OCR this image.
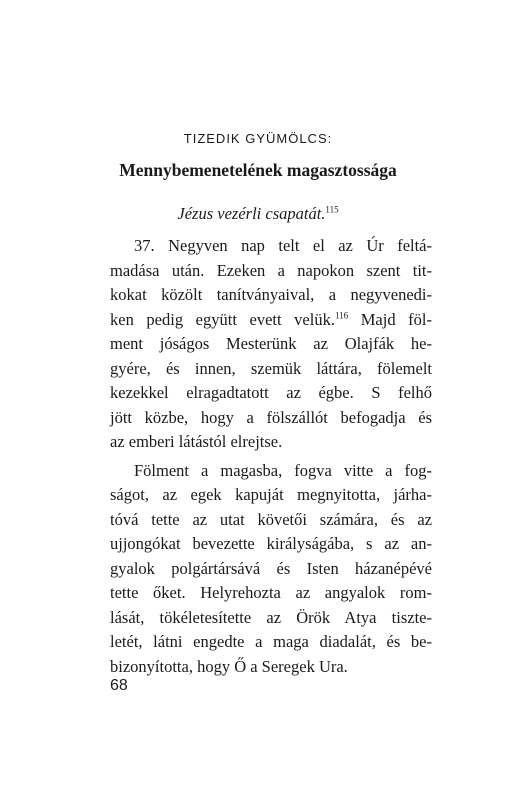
TIZEDIK GYÜMÖLCS:
Mennybemenetelének magasztossága
Jézus vezérli csapatát.$^{115}$
37. Negyven nap telt el az Úr feltá-
madása után. Ezeken a napokon szent tit-
kokat közölt tanítványaival, a negyvenedi-
ken pedig együtt evett velük.$^{116}$ Majd föl-
ment jóságos Mesterünk az Olajfák he-
gyére, és innen, szemük láttára, fölemelt
kezekkel elragadtatott az égbe. S felhő
jött közbe, hogy a fölszállót befogadja és
az emberi látástól elrejtse.
Fölment a magasba, fogva vitte a fog-
ságot, az egek kapuját megnyitotta, járha-
tóvá tette az utat követői számára, és az
ujjongókat bevezette királyságába, s az an-
gyalok polgártársává és Isten házanépévé
tette őket. Helyrehozta az angyalok rom-
lását, tökéletesítette az Örök Atya tiszte-
letét, látni engedte a maga diadalát, és be-
bizonyította, hogy Ő a Seregek Ura.
68
